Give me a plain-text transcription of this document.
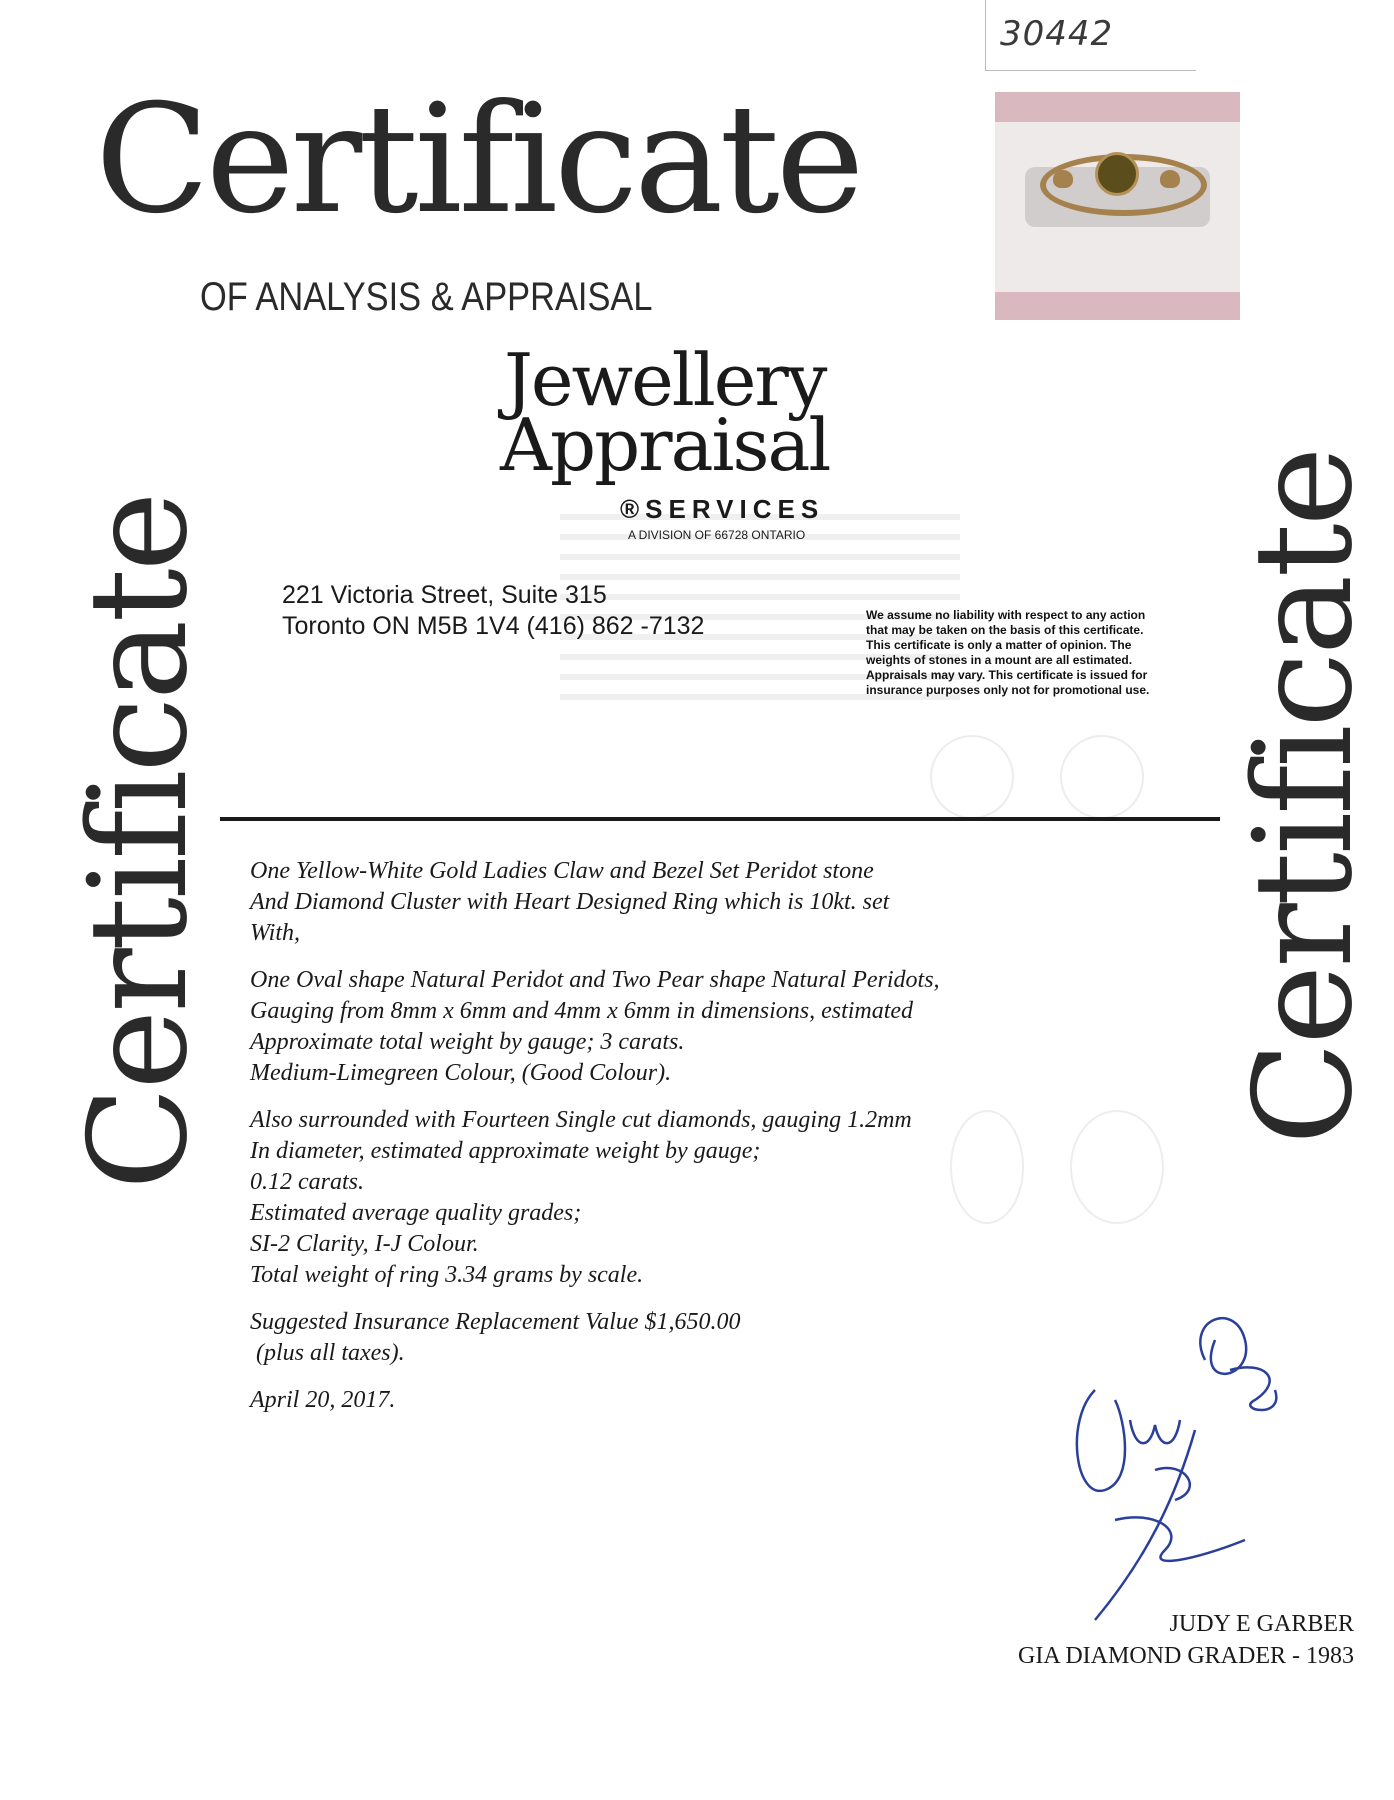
30442
Certificate
OF ANALYSIS & APPRAISAL
Jewellery
Appraisal
®SERVICES
A DIVISION OF 66728 ONTARIO
221 Victoria Street, Suite 315
Toronto ON M5B 1V4 (416) 862 -7132	We assume no liability with respect to any action that may be taken on the basis of this certificate. This certificate is only a matter of opinion. The weights of stones in a mount are all estimated. Appraisals may vary. This certificate is issued for insurance purposes only not for promotional use.
Certificate	Certificate

One Yellow-White Gold Ladies Claw and Bezel Set Peridot stone
And Diamond Cluster with Heart Designed Ring which is 10kt. set
With,

One Oval shape Natural Peridot and Two Pear shape Natural Peridots,
Gauging from 8mm x 6mm and 4mm x 6mm in dimensions, estimated
Approximate total weight by gauge; 3 carats.
Medium-Limegreen Colour, (Good Colour).

Also surrounded with Fourteen Single cut diamonds, gauging 1.2mm
In diameter, estimated approximate weight by gauge;
0.12 carats.
Estimated average quality grades;
SI-2 Clarity, I-J Colour.
Total weight of ring 3.34 grams by scale.

Suggested Insurance Replacement Value $1,650.00
(plus all taxes).

April 20, 2017.

JUDY E GARBER
GIA DIAMOND GRADER - 1983
